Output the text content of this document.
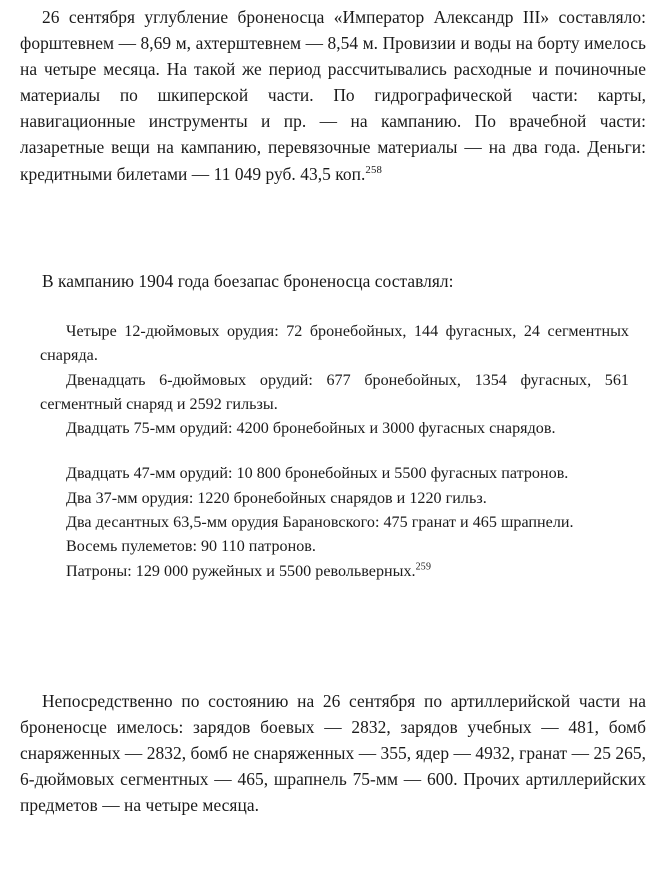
26 сентября углубление броненосца «Император Александр III» составляло: форштевнем — 8,69 м, ахтерштевнем — 8,54 м. Провизии и воды на борту имелось на четыре месяца. На такой же период рассчитывались расходные и починочные материалы по шкиперской части. По гидрографической части: карты, навигационные инструменты и пр. — на кампанию. По врачебной части: лазаретные вещи на кампанию, перевязочные материалы — на два года. Деньги: кредитными билетами — 11 049 руб. 43,5 коп.$^{258}$

В кампанию 1904 года боезапас броненосца составлял:

Четыре 12-дюймовых орудия: 72 бронебойных, 144 фугасных, 24 сегментных снаряда.

Двенадцать 6-дюймовых орудий: 677 бронебойных, 1354 фугасных, 561 сегментный снаряд и 2592 гильзы.

Двадцать 75-мм орудий: 4200 бронебойных и 3000 фугасных снарядов.

Двадцать 47-мм орудий: 10 800 бронебойных и 5500 фугасных патронов.

Два 37-мм орудия: 1220 бронебойных снарядов и 1220 гильз.

Два десантных 63,5-мм орудия Барановского: 475 гранат и 465 шрапнели.

Восемь пулеметов: 90 110 патронов.

Патроны: 129 000 ружейных и 5500 револьверных.$^{259}$

Непосредственно по состоянию на 26 сентября по артиллерийской части на броненосце имелось: зарядов боевых — 2832, зарядов учебных — 481, бомб снаряженных — 2832, бомб не снаряженных — 355, ядер — 4932, гранат — 25 265, 6-дюймовых сегментных — 465, шрапнель 75-мм — 600. Прочих артиллерийских предметов — на четыре месяца.
